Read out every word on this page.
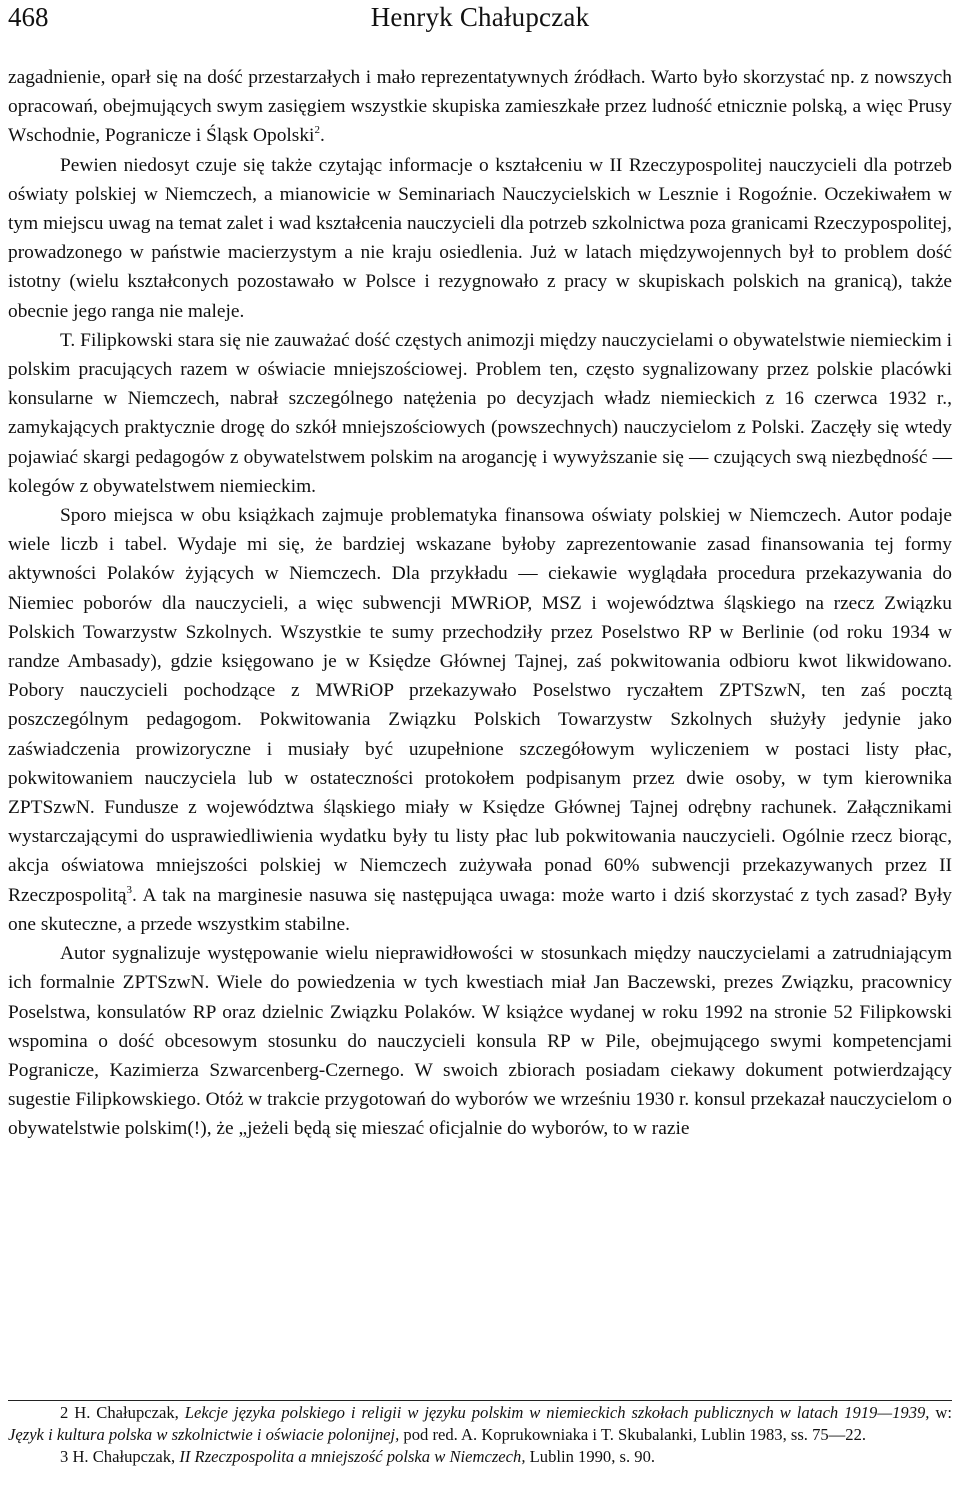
468	Henryk Chałupczak

zagadnienie, oparł się na dość przestarzałych i mało reprezentatywnych źródłach. Warto było skorzystać np. z nowszych opracowań, obejmujących swym zasięgiem wszystkie skupiska zamieszkałe przez ludność etnicznie polską, a więc Prusy Wschodnie, Pogranicze i Śląsk Opolski$^2$.

Pewien niedosyt czuje się także czytając informacje o kształceniu w II Rzeczypospolitej nauczycieli dla potrzeb oświaty polskiej w Niemczech, a mianowicie w Seminariach Nauczycielskich w Lesznie i Rogoźnie. Oczekiwałem w tym miejscu uwag na temat zalet i wad kształcenia nauczycieli dla potrzeb szkolnictwa poza granicami Rzeczypospolitej, prowadzonego w państwie macierzystym a nie kraju osiedlenia. Już w latach międzywojennych był to problem dość istotny (wielu kształconych pozostawało w Polsce i rezygnowało z pracy w skupiskach polskich na granicą), także obecnie jego ranga nie maleje.

T. Filipkowski stara się nie zauważać dość częstych animozji między nauczycielami o obywatelstwie niemieckim i polskim pracujących razem w oświacie mniejszościowej. Problem ten, często sygnalizowany przez polskie placówki konsularne w Niemczech, nabrał szczególnego natężenia po decyzjach władz niemieckich z 16 czerwca 1932 r., zamykających praktycznie drogę do szkół mniejszościowych (powszechnych) nauczycielom z Polski. Zaczęły się wtedy pojawiać skargi pedagogów z obywatelstwem polskim na arogancję i wywyższanie się — czujących swą niezbędność — kolegów z obywatelstwem niemieckim.

Sporo miejsca w obu książkach zajmuje problematyka finansowa oświaty polskiej w Niemczech. Autor podaje wiele liczb i tabel. Wydaje mi się, że bardziej wskazane byłoby zaprezentowanie zasad finansowania tej formy aktywności Polaków żyjących w Niemczech. Dla przykładu — ciekawie wyglądała procedura przekazywania do Niemiec poborów dla nauczycieli, a więc subwencji MWRiOP, MSZ i województwa śląskiego na rzecz Związku Polskich Towarzystw Szkolnych. Wszystkie te sumy przechodziły przez Poselstwo RP w Berlinie (od roku 1934 w randze Ambasady), gdzie księgowano je w Księdze Głównej Tajnej, zaś pokwitowania odbioru kwot likwidowano. Pobory nauczycieli pochodzące z MWRiOP przekazywało Poselstwo ryczałtem ZPTSzwN, ten zaś pocztą poszczególnym pedagogom. Pokwitowania Związku Polskich Towarzystw Szkolnych służyły jedynie jako zaświadczenia prowizoryczne i musiały być uzupełnione szczegółowym wyliczeniem w postaci listy płac, pokwitowaniem nauczyciela lub w ostateczności protokołem podpisanym przez dwie osoby, w tym kierownika ZPTSzwN. Fundusze z województwa śląskiego miały w Księdze Głównej Tajnej odrębny rachunek. Załącznikami wystarczającymi do usprawiedliwienia wydatku były tu listy płac lub pokwitowania nauczycieli. Ogólnie rzecz biorąc, akcja oświatowa mniejszości polskiej w Niemczech zużywała ponad 60% subwencji przekazywanych przez II Rzeczpospolitą$^3$. A tak na marginesie nasuwa się następująca uwaga: może warto i dziś skorzystać z tych zasad? Były one skuteczne, a przede wszystkim stabilne.

Autor sygnalizuje występowanie wielu nieprawidłowości w stosunkach między nauczycielami a zatrudniającym ich formalnie ZPTSzwN. Wiele do powiedzenia w tych kwestiach miał Jan Baczewski, prezes Związku, pracownicy Poselstwa, konsulatów RP oraz dzielnic Związku Polaków. W książce wydanej w roku 1992 na stronie 52 Filipkowski wspomina o dość obcesowym stosunku do nauczycieli konsula RP w Pile, obejmującego swymi kompetencjami Pogranicze, Kazimierza Szwarcenberg-Czernego. W swoich zbiorach posiadam ciekawy dokument potwierdzający sugestie Filipkowskiego. Otóż w trakcie przygotowań do wyborów we wrześniu 1930 r. konsul przekazał nauczycielom o obywatelstwie polskim(!), że „jeżeli będą się mieszać oficjalnie do wyborów, to w razie

2 H. Chałupczak, Lekcje języka polskiego i religii w języku polskim w niemieckich szkołach publicznych w latach 1919—1939, w: Język i kultura polska w szkolnictwie i oświacie polonijnej, pod red. A. Koprukowniaka i T. Skubalanki, Lublin 1983, ss. 75—22.

3 H. Chałupczak, II Rzeczpospolita a mniejszość polska w Niemczech, Lublin 1990, s. 90.
